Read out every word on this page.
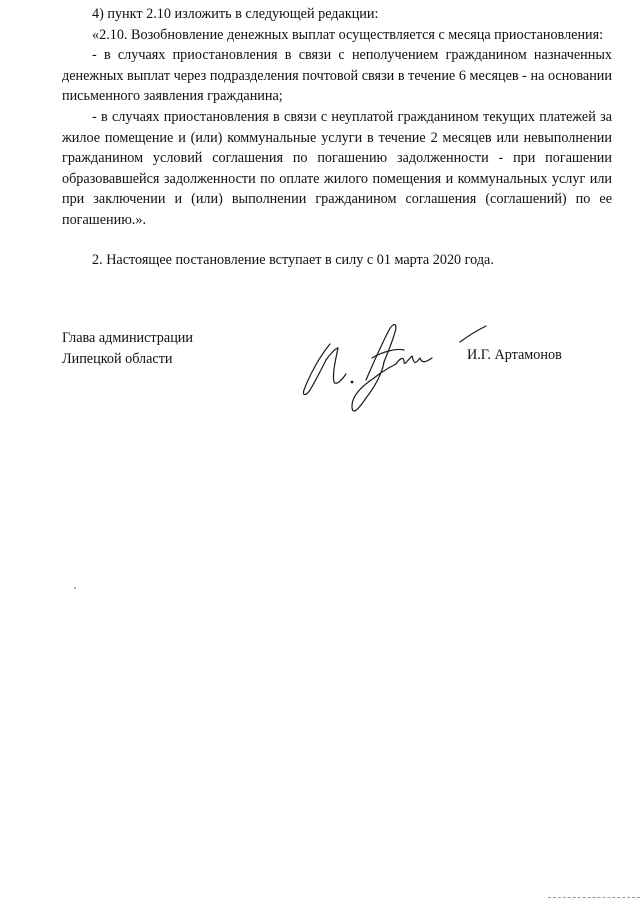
4) пункт 2.10 изложить в следующей редакции:

«2.10. Возобновление денежных выплат осуществляется с месяца приостановления:

- в случаях приостановления в связи с неполучением гражданином назначенных денежных выплат через подразделения почтовой связи в течение 6 месяцев - на основании письменного заявления гражданина;

- в случаях приостановления в связи с неуплатой гражданином текущих платежей за жилое помещение и (или) коммунальные услуги в течение 2 месяцев или невыполнении гражданином условий соглашения по погашению задолженности - при погашении образовавшейся задолженности по оплате жилого помещения и коммунальных услуг или при заключении и (или) выполнении гражданином соглашения (соглашений) по ее погашению.».

2. Настоящее постановление вступает в силу с 01 марта 2020 года.

Глава администрации

Липецкой области	И.Г. Артамонов
